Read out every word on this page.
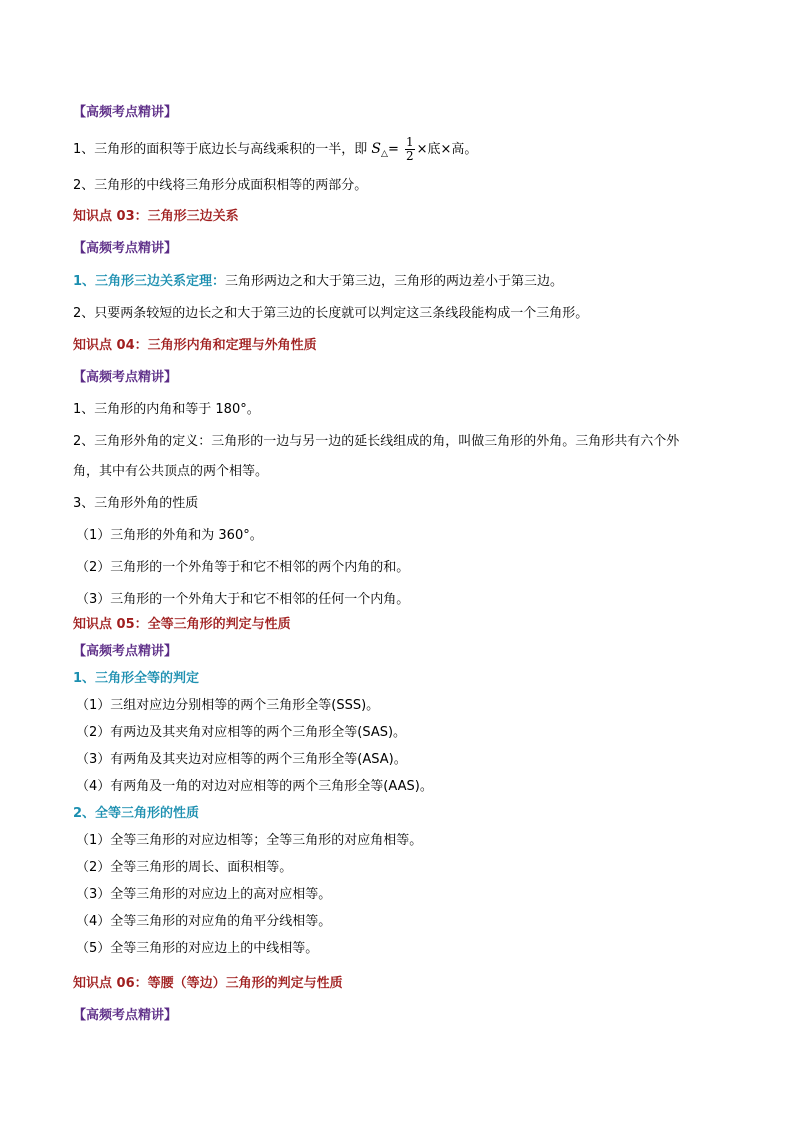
【高频考点精讲】
1、三角形的面积等于底边长与高线乘积的一半，即 $S_\triangle= \frac{1}{2}$ ×底×高。
2、三角形的中线将三角形分成面积相等的两部分。
知识点 03：三角形三边关系
【高频考点精讲】
1、三角形三边关系定理：三角形两边之和大于第三边，三角形的两边差小于第三边。
2、只要两条较短的边长之和大于第三边的长度就可以判定这三条线段能构成一个三角形。
知识点 04：三角形内角和定理与外角性质
【高频考点精讲】
1、三角形的内角和等于 180°。
2、三角形外角的定义：三角形的一边与另一边的延长线组成的角，叫做三角形的外角。三角形共有六个外
角，其中有公共顶点的两个相等。
3、三角形外角的性质
（1）三角形的外角和为 360°。
（2）三角形的一个外角等于和它不相邻的两个内角的和。
（3）三角形的一个外角大于和它不相邻的任何一个内角。
知识点 05：全等三角形的判定与性质
【高频考点精讲】
1、三角形全等的判定
（1）三组对应边分别相等的两个三角形全等(SSS)。
（2）有两边及其夹角对应相等的两个三角形全等(SAS)。
（3）有两角及其夹边对应相等的两个三角形全等(ASA)。
（4）有两角及一角的对边对应相等的两个三角形全等(AAS)。
2、全等三角形的性质
（1）全等三角形的对应边相等；全等三角形的对应角相等。
（2）全等三角形的周长、面积相等。
（3）全等三角形的对应边上的高对应相等。
（4）全等三角形的对应角的角平分线相等。
（5）全等三角形的对应边上的中线相等。
知识点 06：等腰（等边）三角形的判定与性质
【高频考点精讲】
